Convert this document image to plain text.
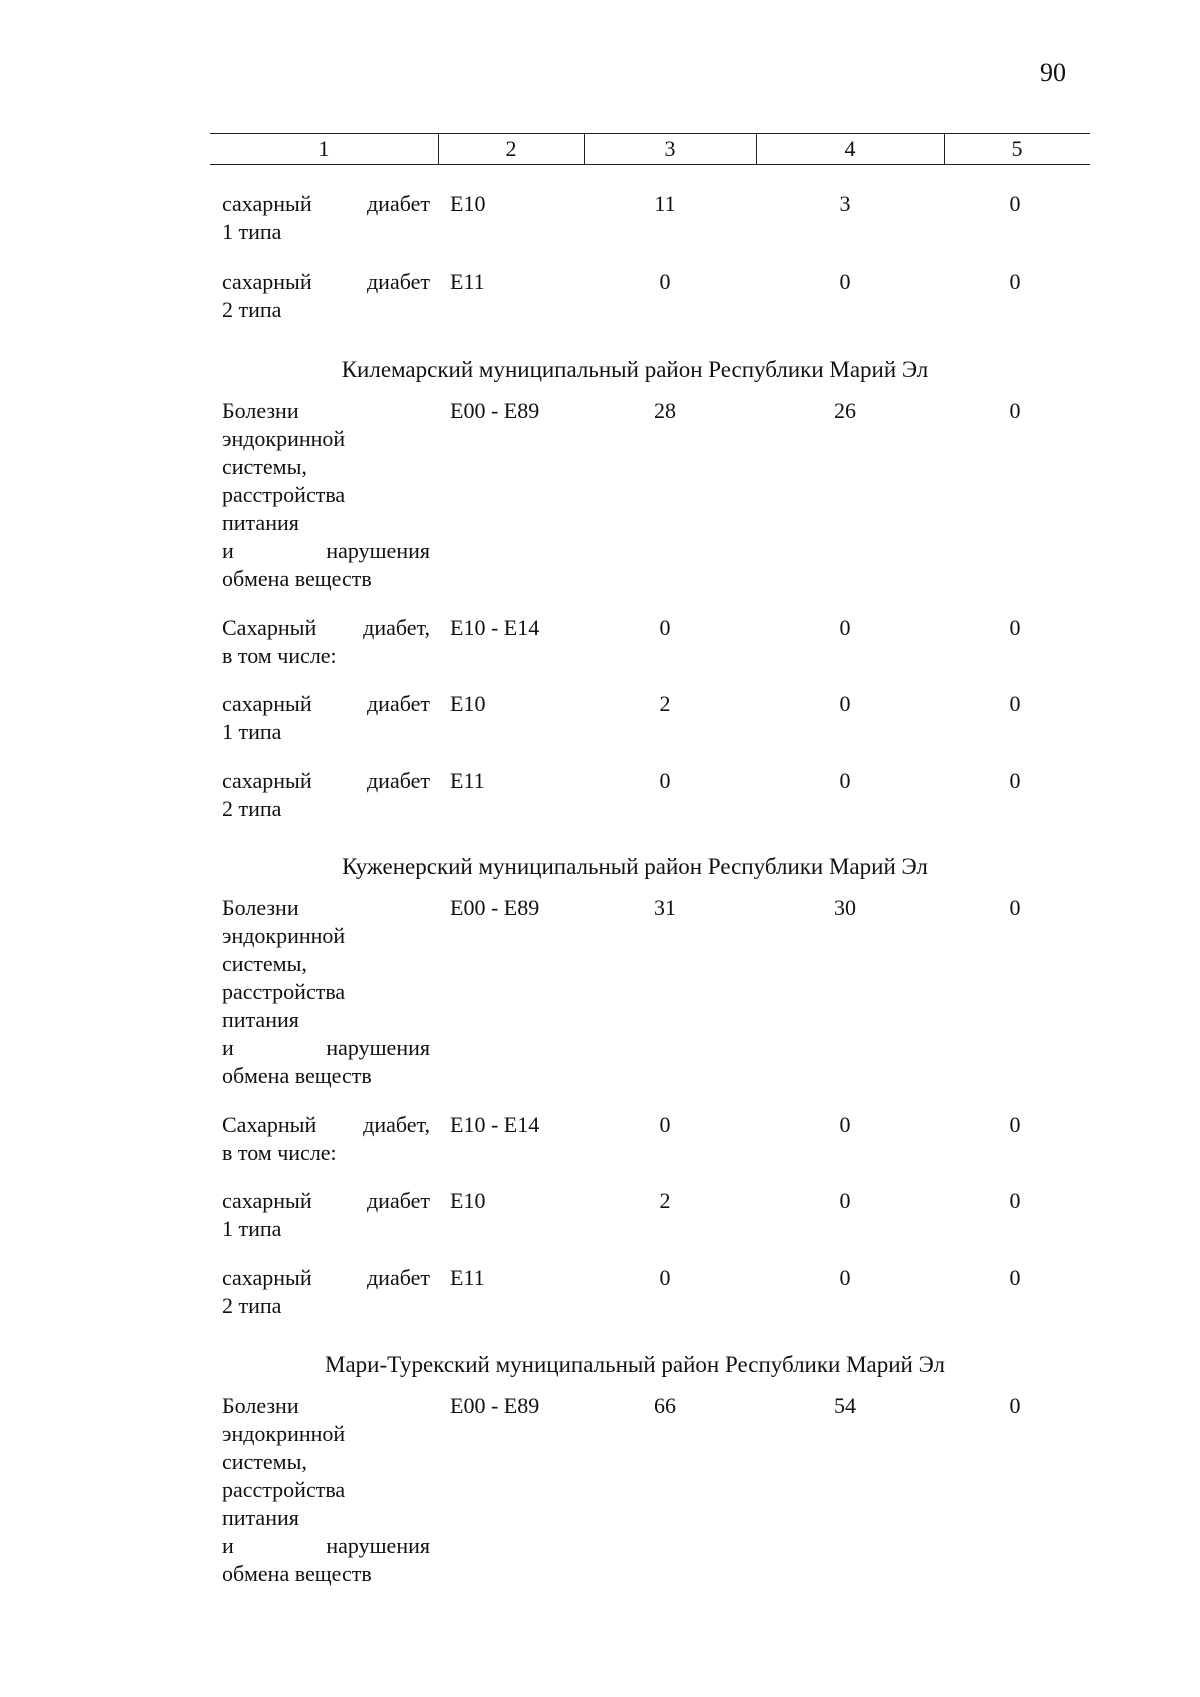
90
1	2	3	4	5
сахарный диабет
1 типа
E10	11	3	0
сахарный диабет
2 типа
E11	0	0	0
Килемарский муниципальный район Республики Марий Эл
Болезни
эндокринной
системы,
расстройства
питания
и нарушения
обмена веществ
E00 - E89	28	26	0
Сахарный диабет,
в том числе:
E10 - E14	0	0	0
сахарный диабет
1 типа
E10	2	0	0
сахарный диабет
2 типа
E11	0	0	0
Куженерский муниципальный район Республики Марий Эл
Болезни
эндокринной
системы,
расстройства
питания
и нарушения
обмена веществ
E00 - E89	31	30	0
Сахарный диабет,
в том числе:
E10 - E14	0	0	0
сахарный диабет
1 типа
E10	2	0	0
сахарный диабет
2 типа
E11	0	0	0
Мари-Турекский муниципальный район Республики Марий Эл
Болезни
эндокринной
системы,
расстройства
питания
и нарушения
обмена веществ
E00 - E89	66	54	0
